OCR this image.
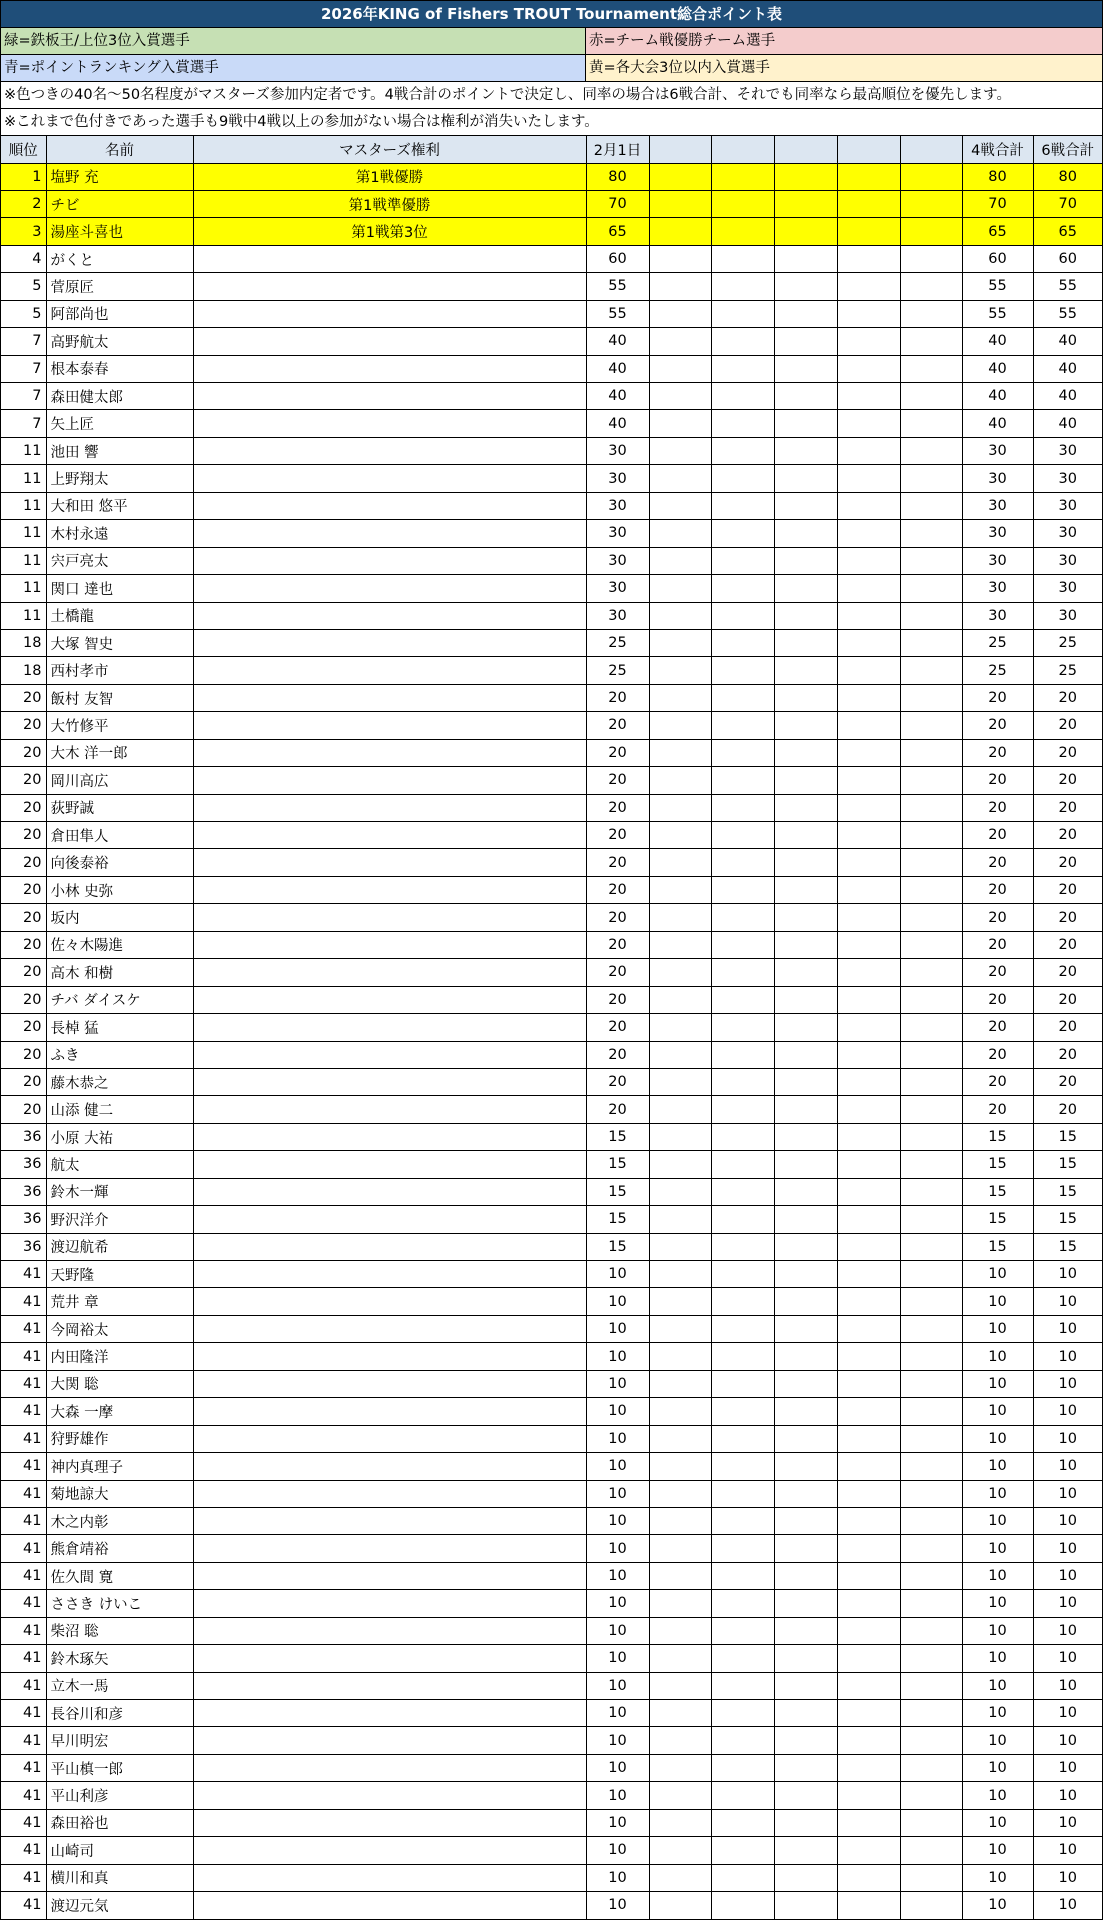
2026年KING of Fishers TROUT Tournament総合ポイント表
緑=鉄板王/上位3位入賞選手	赤=チーム戦優勝チーム選手
青=ポイントランキング入賞選手	黄=各大会3位以内入賞選手
※色つきの40名～50名程度がマスターズ参加内定者です。4戦合計のポイントで決定し、同率の場合は6戦合計、それでも同率なら最高順位を優先します。
※これまで色付きであった選手も9戦中4戦以上の参加がない場合は権利が消失いたします。
順位	名前	マスターズ権利	2月1日						4戦合計	6戦合計
1	塩野 充	第1戦優勝	80						80	80
2	チビ	第1戦準優勝	70						70	70
3	湯座斗喜也	第1戦第3位	65						65	65
4	がくと		60						60	60
5	菅原匠		55						55	55
5	阿部尚也		55						55	55
7	高野航太		40						40	40
7	根本泰春		40						40	40
7	森田健太郎		40						40	40
7	矢上匠		40						40	40
11	池田 響		30						30	30
11	上野翔太		30						30	30
11	大和田 悠平		30						30	30
11	木村永遠		30						30	30
11	宍戸亮太		30						30	30
11	関口 達也		30						30	30
11	土橋龍		30						30	30
18	大塚 智史		25						25	25
18	西村孝市		25						25	25
20	飯村 友智		20						20	20
20	大竹修平		20						20	20
20	大木 洋一郎		20						20	20
20	岡川高広		20						20	20
20	荻野誠		20						20	20
20	倉田隼人		20						20	20
20	向後泰裕		20						20	20
20	小林 史弥		20						20	20
20	坂内		20						20	20
20	佐々木陽進		20						20	20
20	高木 和樹		20						20	20
20	チバ ダイスケ		20						20	20
20	長棹 猛		20						20	20
20	ふき		20						20	20
20	藤木恭之		20						20	20
20	山添 健二		20						20	20
36	小原 大祐		15						15	15
36	航太		15						15	15
36	鈴木一輝		15						15	15
36	野沢洋介		15						15	15
36	渡辺航希		15						15	15
41	天野隆		10						10	10
41	荒井 章		10						10	10
41	今岡裕太		10						10	10
41	内田隆洋		10						10	10
41	大関 聡		10						10	10
41	大森 一摩		10						10	10
41	狩野雄作		10						10	10
41	神内真理子		10						10	10
41	菊地諒大		10						10	10
41	木之内彰		10						10	10
41	熊倉靖裕		10						10	10
41	佐久間 寛		10						10	10
41	ささき けいこ		10						10	10
41	柴沼 聡		10						10	10
41	鈴木琢矢		10						10	10
41	立木一馬		10						10	10
41	長谷川和彦		10						10	10
41	早川明宏		10						10	10
41	平山槙一郎		10						10	10
41	平山利彦		10						10	10
41	森田裕也		10						10	10
41	山崎司		10						10	10
41	横川和真		10						10	10
41	渡辺元気		10						10	10
